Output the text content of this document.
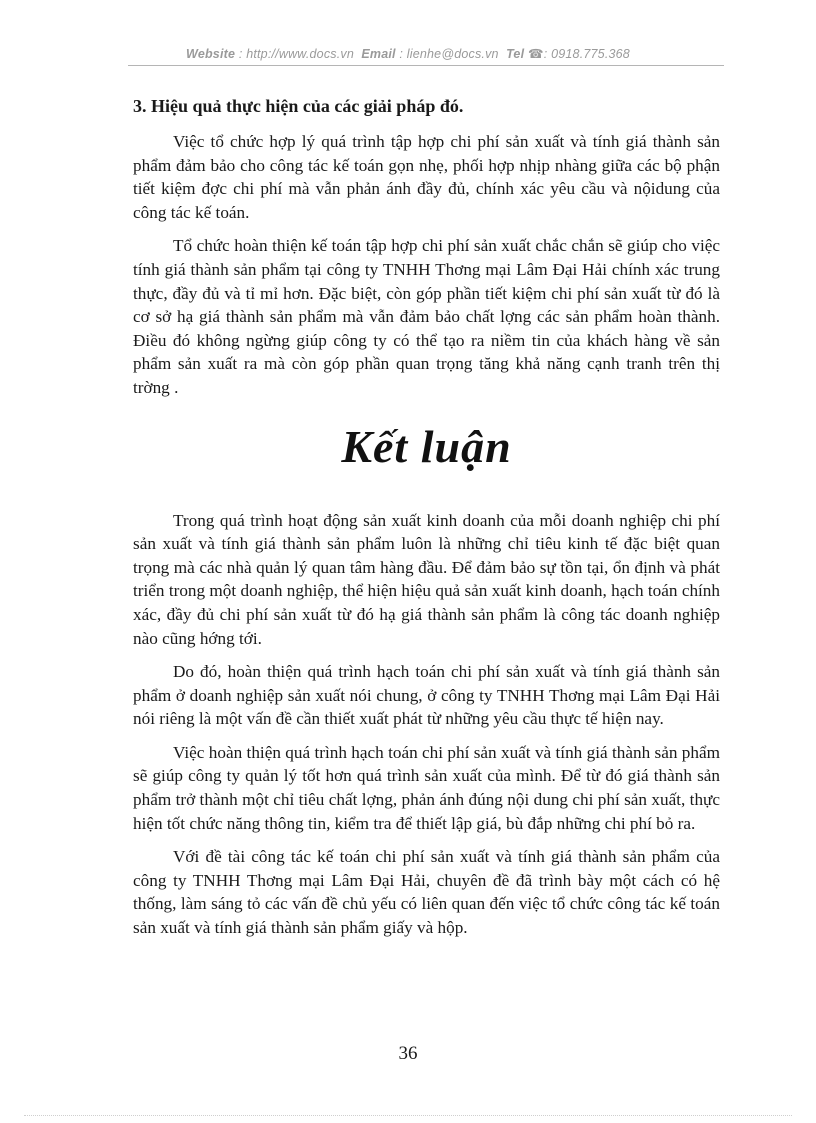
Website : http://www.docs.vn Email : lienhe@docs.vn Tel ☎: 0918.775.368
3. Hiệu quả thực hiện của các giải pháp đó.

Việc tổ chức hợp lý quá trình tập hợp chi phí sản xuất và tính giá thành sản phẩm đảm bảo cho công tác kế toán gọn nhẹ, phối hợp nhịp nhàng giữa các bộ phận tiết kiệm đợc chi phí mà vẫn phản ánh đầy đủ, chính xác yêu cầu và nộidung của công tác kế toán.

Tổ chức hoàn thiện kế toán tập hợp chi phí sản xuất chắc chắn sẽ giúp cho việc tính giá thành sản phẩm tại công ty TNHH Thơng mại Lâm Đại Hải chính xác trung thực, đầy đủ và tỉ mỉ hơn. Đặc biệt, còn góp phần tiết kiệm chi phí sản xuất từ đó là cơ sở hạ giá thành sản phẩm mà vẫn đảm bảo chất lợng các sản phẩm hoàn thành. Điều đó không ngừng giúp công ty có thể tạo ra niềm tin của khách hàng về sản phẩm sản xuất ra mà còn góp phần quan trọng tăng khả năng cạnh tranh trên thị trờng .

Kết luận

Trong quá trình hoạt động sản xuất kinh doanh của mỗi doanh nghiệp chi phí sản xuất và tính giá thành sản phẩm luôn là những chỉ tiêu kinh tế đặc biệt quan trọng mà các nhà quản lý quan tâm hàng đầu. Để đảm bảo sự tồn tại, ổn định và phát triển trong một doanh nghiệp, thể hiện hiệu quả sản xuất kinh doanh, hạch toán chính xác, đầy đủ chi phí sản xuất từ đó hạ giá thành sản phẩm là công tác doanh nghiệp nào cũng hớng tới.

Do đó, hoàn thiện quá trình hạch toán chi phí sản xuất và tính giá thành sản phẩm ở doanh nghiệp sản xuất nói chung, ở công ty TNHH Thơng mại Lâm Đại Hải nói riêng là một vấn đề cần thiết xuất phát từ những yêu cầu thực tế hiện nay.

Việc hoàn thiện quá trình hạch toán chi phí sản xuất và tính giá thành sản phẩm sẽ giúp công ty quản lý tốt hơn quá trình sản xuất của mình. Để từ đó giá thành sản phẩm trở thành một chỉ tiêu chất lợng, phản ánh đúng nội dung chi phí sản xuất, thực hiện tốt chức năng thông tin, kiểm tra để thiết lập giá, bù đắp những chi phí bỏ ra.

Với đề tài công tác kế toán chi phí sản xuất và tính giá thành sản phẩm của công ty TNHH Thơng mại Lâm Đại Hải, chuyên đề đã trình bày một cách có hệ thống, làm sáng tỏ các vấn đề chủ yếu có liên quan đến việc tổ chức công tác kế toán sản xuất và tính giá thành sản phẩm giấy và hộp.

36
